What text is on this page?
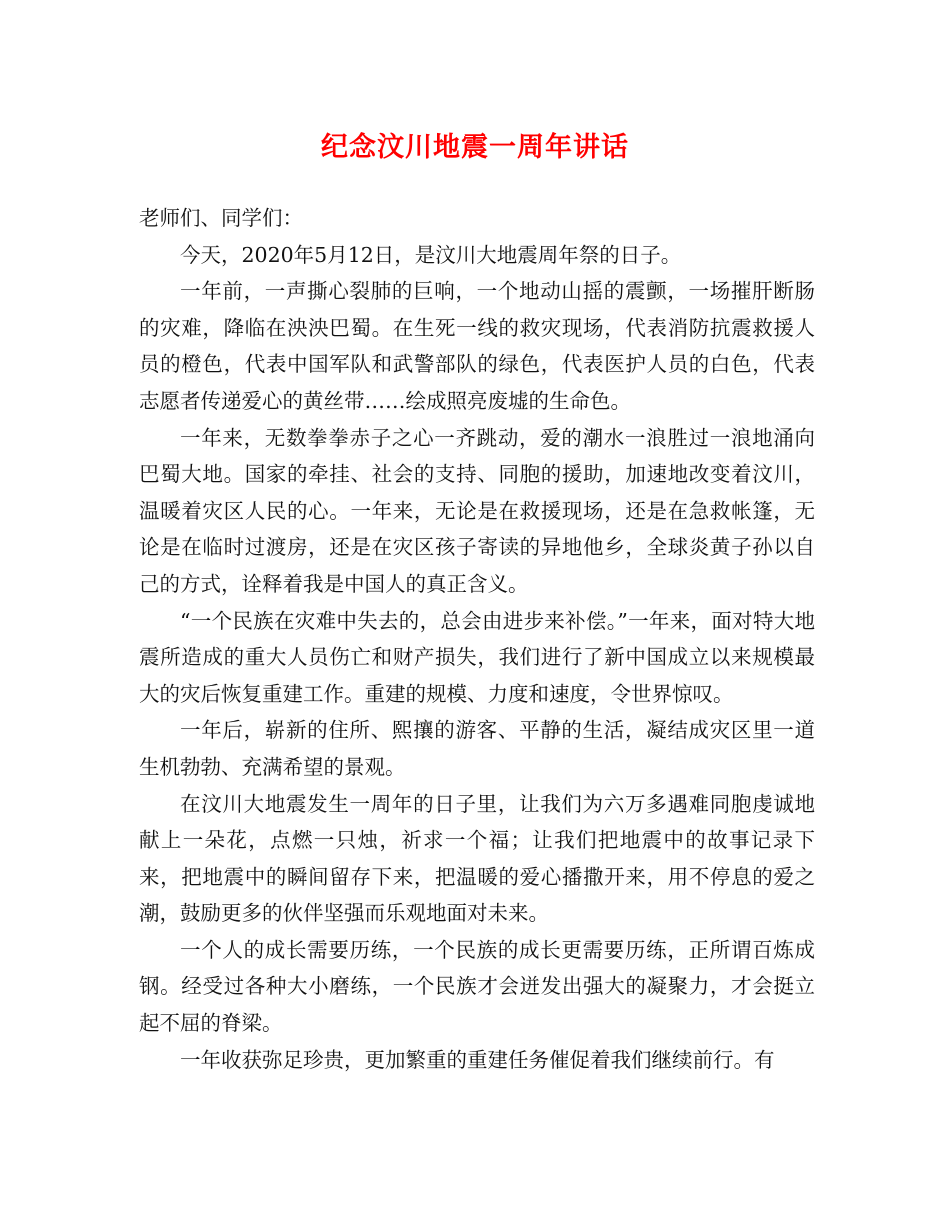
纪念汶川地震一周年讲话

老师们、同学们：

今天，2020年5月12日，是汶川大地震周年祭的日子。

一年前，一声撕心裂肺的巨响，一个地动山摇的震颤，一场摧肝断肠的灾难，降临在泱泱巴蜀。在生死一线的救灾现场，代表消防抗震救援人员的橙色，代表中国军队和武警部队的绿色，代表医护人员的白色，代表志愿者传递爱心的黄丝带……绘成照亮废墟的生命色。

一年来，无数拳拳赤子之心一齐跳动，爱的潮水一浪胜过一浪地涌向巴蜀大地。国家的牵挂、社会的支持、同胞的援助，加速地改变着汶川，温暖着灾区人民的心。一年来，无论是在救援现场，还是在急救帐篷，无论是在临时过渡房，还是在灾区孩子寄读的异地他乡，全球炎黄子孙以自己的方式，诠释着我是中国人的真正含义。

“一个民族在灾难中失去的，总会由进步来补偿。”一年来，面对特大地震所造成的重大人员伤亡和财产损失，我们进行了新中国成立以来规模最大的灾后恢复重建工作。重建的规模、力度和速度，令世界惊叹。

一年后，崭新的住所、熙攘的游客、平静的生活，凝结成灾区里一道生机勃勃、充满希望的景观。

在汶川大地震发生一周年的日子里，让我们为六万多遇难同胞虔诚地献上一朵花，点燃一只烛，祈求一个福；让我们把地震中的故事记录下来，把地震中的瞬间留存下来，把温暖的爱心播撒开来，用不停息的爱之潮，鼓励更多的伙伴坚强而乐观地面对未来。

一个人的成长需要历练，一个民族的成长更需要历练，正所谓百炼成钢。经受过各种大小磨练，一个民族才会迸发出强大的凝聚力，才会挺立起不屈的脊梁。

一年收获弥足珍贵，更加繁重的重建任务催促着我们继续前行。有
